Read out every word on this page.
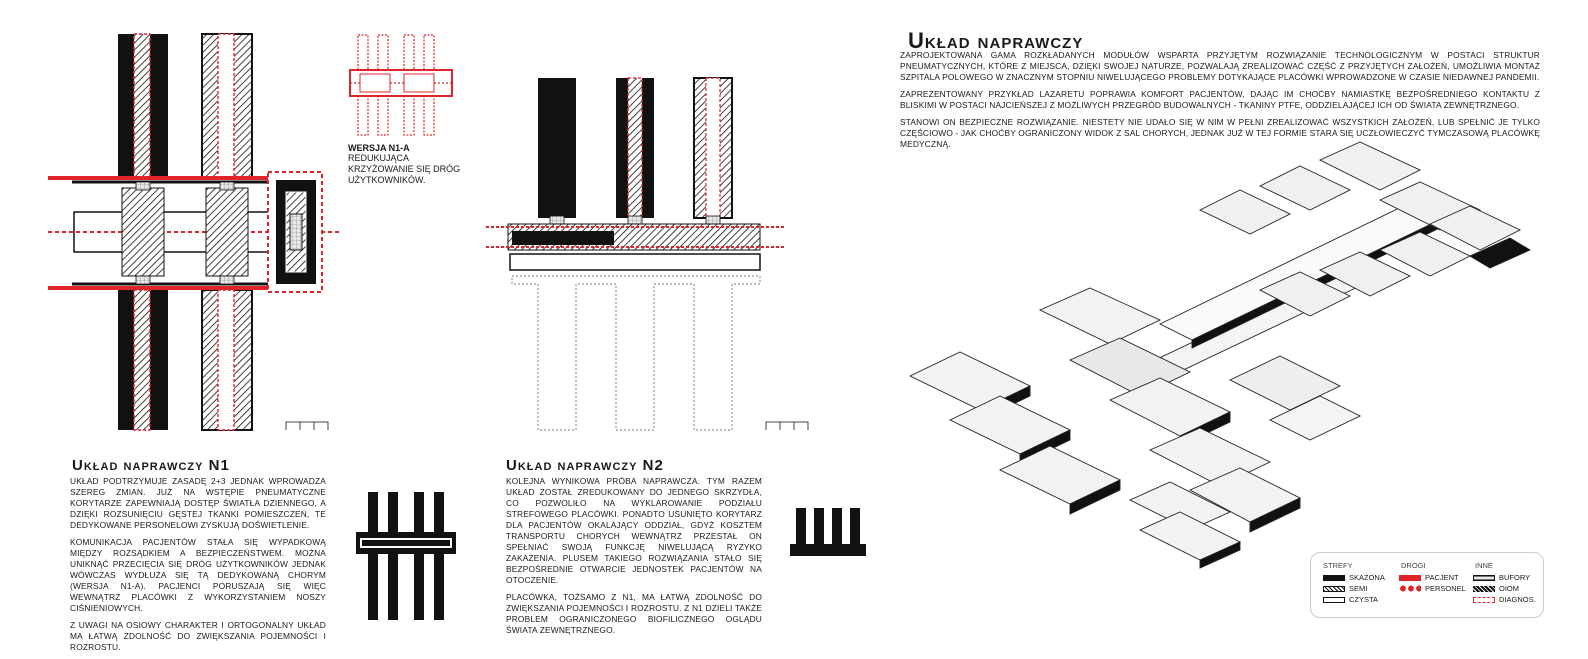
Układ naprawczy

ZAPROJEKTOWANA GAMA ROZKŁADANYCH MODUŁÓW WSPARTA PRZYJĘTYM ROZWIĄZANIE TECHNOLOGICZNYM W POSTACI STRUKTUR PNEUMATYCZNYCH, KTÓRE Z MIEJSCA, DZIĘKI SWOJEJ NATURZE, POZWALAJĄ ZREALIZOWAĆ CZĘŚĆ Z PRZYJĘTYCH ZAŁOŻEŃ, UMOŻLIWIA MONTAŻ SZPITALA POLOWEGO W ZNACZNYM STOPNIU NIWELUJĄCEGO PROBLEMY DOTYKAJĄCE PLACÓWKI WPROWADZONE W CZASIE NIEDAWNEJ PANDEMII.

ZAPREZENTOWANY PRZYKŁAD LAZARETU POPRAWIA KOMFORT PACJENTÓW, DAJĄC IM CHOĆBY NAMIASTKĘ BEZPOŚREDNIEGO KONTAKTU Z BLISKIMI W POSTACI NAJCIEŃSZEJ Z MOŻLIWYCH PRZEGRÓD BUDOWALNYCH - TKANINY PTFE, ODDZIELAJĄCEJ ICH OD ŚWIATA ZEWNĘTRZNEGO.

STANOWI ON BEZPIECZNE ROZWIĄZANIE. NIESTETY NIE UDAŁO SIĘ W NIM W PEŁNI ZREALIZOWAĆ WSZYSTKICH ZAŁOŻEŃ, LUB SPEŁNIĆ JE TYLKO CZĘŚCIOWO - JAK CHOĆBY OGRANICZONY WIDOK Z SAL CHORYCH, JEDNAK JUŻ W TEJ FORMIE STARA SIĘ UCZŁOWIECZYĆ TYMCZASOWĄ PLACÓWKĘ MEDYCZNĄ.

WERSJA N1-A
REDUKUJĄCA KRZYŻOWANIE SIĘ DRÓG UŻYTKOWNIKÓW.
Układ naprawczy N1

UKŁAD PODTRZYMUJE ZASADĘ 2+3 JEDNAK WPROWADZA SZEREG ZMIAN. JUŻ NA WSTĘPIE PNEUMATYCZNE KORYTARZE ZAPEWNIAJĄ DOSTĘP ŚWIATŁA DZIENNEGO, A DZIĘKI ROZSUNIĘCIU GĘSTEJ TKANKI POMIESZCZEŃ, TE DEDYKOWANE PERSONELOWI ZYSKUJĄ DOŚWIETLENIE.

KOMUNIKACJA PACJENTÓW STAŁA SIĘ WYPADKOWĄ MIĘDZY ROZSĄDKIEM A BEZPIECZEŃSTWEM. MOŻNA UNIKNĄĆ PRZECIĘCIA SIĘ DRÓG UŻYTKOWNIKÓW JEDNAK WÓWCZAS WYDŁUŻA SIĘ TĄ DEDYKOWANĄ CHORYM (WERSJA N1-A). PACJENCI PORUSZAJĄ SIĘ WIĘC WEWNĄTRZ PLACÓWKI Z WYKORZYSTANIEM NOSZY CIŚNIENIOWYCH.

Z UWAGI NA OSIOWY CHARAKTER I ORTOGONALNY UKŁAD MA ŁATWĄ ZDOLNOŚĆ DO ZWIĘKSZANIA POJEMNOŚCI I ROZROSTU.

Układ naprawczy N2

KOLEJNA WYNIKOWA PRÓBA NAPRAWCZA. TYM RAZEM UKŁAD ZOSTAŁ ZREDUKOWANY DO JEDNEGO SKRZYDŁA, CO POZWOLIŁO NA WYKLAROWANIE PODZIAŁU STREFOWEGO PLACÓWKI. PONADTO USUNIĘTO KORYTARZ DLA PACJENTÓW OKALAJĄCY ODDZIAŁ, GDYŻ KOSZTEM TRANSPORTU CHORYCH WEWNĄTRZ PRZESTAŁ ON SPEŁNIAĆ SWOJĄ FUNKCJĘ NIWELUJĄCĄ RYZYKO ZAKAŻENIA. PLUSEM TAKIEGO ROZWIĄZANIA STAŁO SIĘ BEZPOŚREDNIE OTWARCIE JEDNOSTEK PACJENTÓW NA OTOCZENIE.

PLACÓWKA, TOŻSAMO Z N1, MA ŁATWĄ ZDOLNOŚĆ DO ZWIĘKSZANIA POJEMNOŚCI I ROZROSTU. Z N1 DZIELI TAKŻE PROBLEM OGRANICZONEGO BIOFILICZNEGO OGLĄDU ŚWIATA ZEWNĘTRZNEGO.

STREFY	DROGI	INNE
SKAŻONA
SEMI
CZYSTA
PACJENT
PERSONEL
BUFORY
OIOM
DIAGNOS.
